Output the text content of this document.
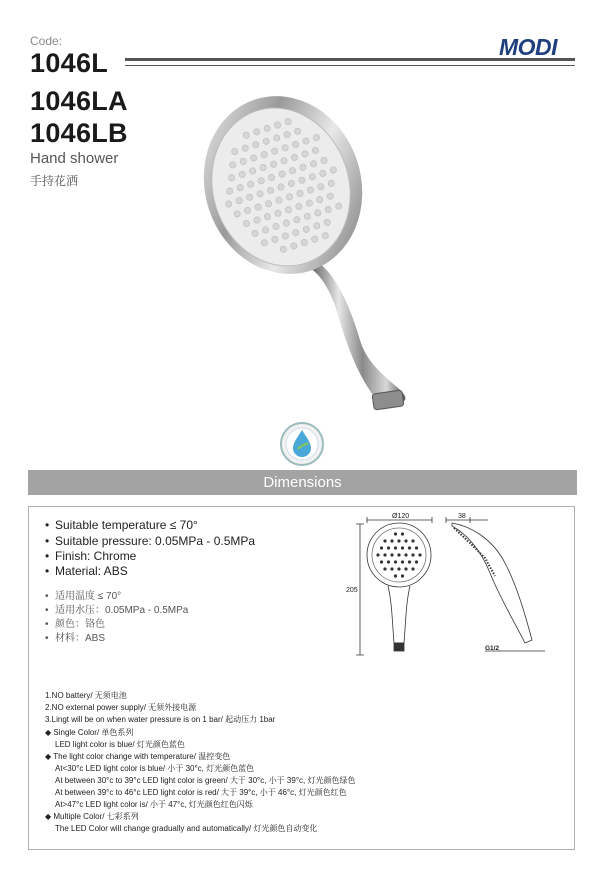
Code:
1046L
1046LA
1046LB
MODI
Hand shower
手持花洒
Dimensions
• Suitable temperature ≤ 70°
• Suitable pressure: 0.05MPa - 0.5MPa
• Finish: Chrome
• Material: ABS
• 适用温度 ≤ 70°
• 适用水压：0.05MPa - 0.5MPa
• 颜色：铬色
• 材料：ABS
Ø120	38
205
G1/2
1.NO battery/ 无须电池
2.NO external power supply/ 无须外接电源
3.Lingt will be on when water pressure is on 1 bar/ 起动压力 1bar
◆ Single Color/ 单色系列
LED light color is blue/ 灯光颜色蓝色
◆ The light color change with temperature/ 温控变色
At<30°c LED light color is blue/ 小于 30°c, 灯光颜色蓝色
At between 30°c to 39°c LED light color is green/ 大于 30°c, 小于 39°c, 灯光颜色绿色
At between 39°c to 46°c LED light color is red/ 大于 39°c, 小于 46°c, 灯光颜色红色
At>47°c LED light color is/ 小于 47°c, 灯光颜色红色闪烁
◆ Multiple Color/ 七彩系列
The LED Color will change gradually and automatically/ 灯光颜色自动变化
